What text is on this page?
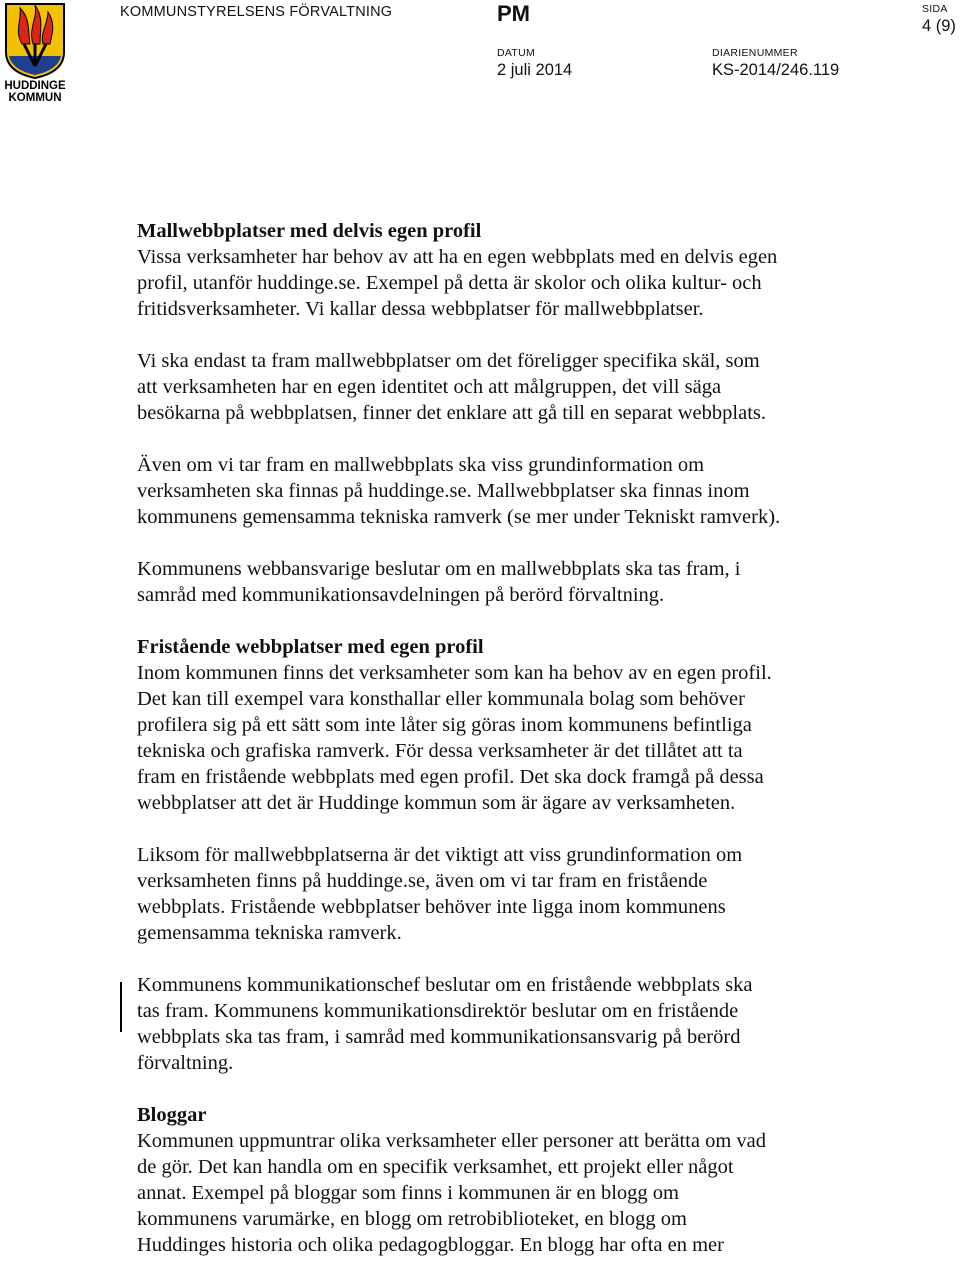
HUDDINGE
KOMMUN
KOMMUNSTYRELSENS FÖRVALTNING	PM	SIDA
4 (9)
DATUM
2 juli 2014
DIARIENUMMER
KS-2014/246.119
Mallwebbplatser med delvis egen profil

Vissa verksamheter har behov av att ha en egen webbplats med en delvis egen

profil, utanför huddinge.se. Exempel på detta är skolor och olika kultur- och

fritidsverksamheter. Vi kallar dessa webbplatser för mallwebbplatser.

Vi ska endast ta fram mallwebbplatser om det föreligger specifika skäl, som

att verksamheten har en egen identitet och att målgruppen, det vill säga

besökarna på webbplatsen, finner det enklare att gå till en separat webbplats.

Även om vi tar fram en mallwebbplats ska viss grundinformation om

verksamheten ska finnas på huddinge.se. Mallwebbplatser ska finnas inom

kommunens gemensamma tekniska ramverk (se mer under Tekniskt ramverk).

Kommunens webbansvarige beslutar om en mallwebbplats ska tas fram, i

samråd med kommunikationsavdelningen på berörd förvaltning.

Fristående webbplatser med egen profil

Inom kommunen finns det verksamheter som kan ha behov av en egen profil.

Det kan till exempel vara konsthallar eller kommunala bolag som behöver

profilera sig på ett sätt som inte låter sig göras inom kommunens befintliga

tekniska och grafiska ramverk. För dessa verksamheter är det tillåtet att ta

fram en fristående webbplats med egen profil. Det ska dock framgå på dessa

webbplatser att det är Huddinge kommun som är ägare av verksamheten.

Liksom för mallwebbplatserna är det viktigt att viss grundinformation om

verksamheten finns på huddinge.se, även om vi tar fram en fristående

webbplats. Fristående webbplatser behöver inte ligga inom kommunens

gemensamma tekniska ramverk.

Kommunens kommunikationschef beslutar om en fristående webbplats ska

tas fram. Kommunens kommunikationsdirektör beslutar om en fristående

webbplats ska tas fram, i samråd med kommunikationsansvarig på berörd

förvaltning.

Bloggar

Kommunen uppmuntrar olika verksamheter eller personer att berätta om vad

de gör. Det kan handla om en specifik verksamhet, ett projekt eller något

annat. Exempel på bloggar som finns i kommunen är en blogg om

kommunens varumärke, en blogg om retrobiblioteket, en blogg om

Huddinges historia och olika pedagogbloggar. En blogg har ofta en mer
